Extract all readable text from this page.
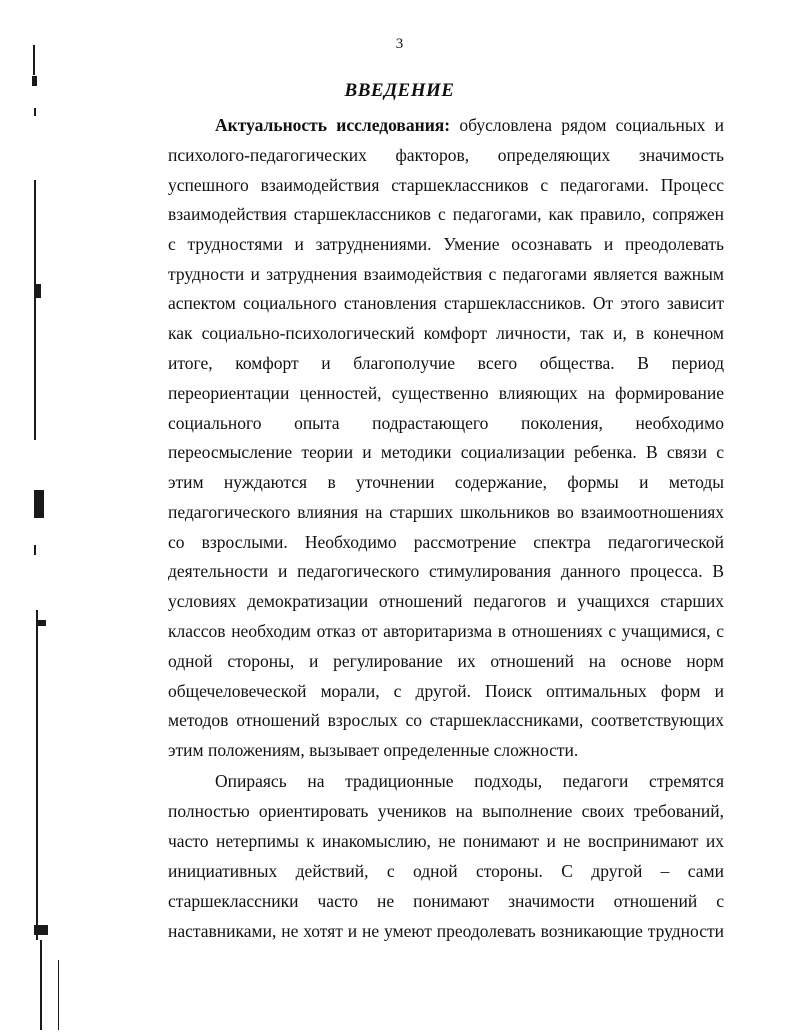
3
ВВЕДЕНИЕ
Актуальность исследования: обусловлена рядом социальных и
психолого-педагогических факторов, определяющих значимость
успешного взаимодействия старшеклассников с педагогами. Процесс
взаимодействия старшеклассников с педагогами, как правило, сопряжен
с трудностями и затруднениями. Умение осознавать и преодолевать
трудности и затруднения взаимодействия с педагогами является важным
аспектом социального становления старшеклассников. От этого зависит
как социально-психологический комфорт личности, так и, в конечном
итоге, комфорт и благополучие всего общества. В период
переориентации ценностей, существенно влияющих на формирование
социального опыта подрастающего поколения, необходимо
переосмысление теории и методики социализации ребенка. В связи с
этим нуждаются в уточнении содержание, формы и методы
педагогического влияния на старших школьников во взаимоотношениях
со взрослыми. Необходимо рассмотрение спектра педагогической
деятельности и педагогического стимулирования данного процесса. В
условиях демократизации отношений педагогов и учащихся старших
классов необходим отказ от авторитаризма в отношениях с учащимися, с
одной стороны, и регулирование их отношений на основе норм
общечеловеческой морали, с другой. Поиск оптимальных форм и
методов отношений взрослых со старшеклассниками, соответствующих
этим положениям, вызывает определенные сложности.
Опираясь на традиционные подходы, педагоги стремятся
полностью ориентировать учеников на выполнение своих требований,
часто нетерпимы к инакомыслию, не понимают и не воспринимают их
инициативных действий, с одной стороны. С другой – сами
старшеклассники часто не понимают значимости отношений с
наставниками, не хотят и не умеют преодолевать возникающие трудности
